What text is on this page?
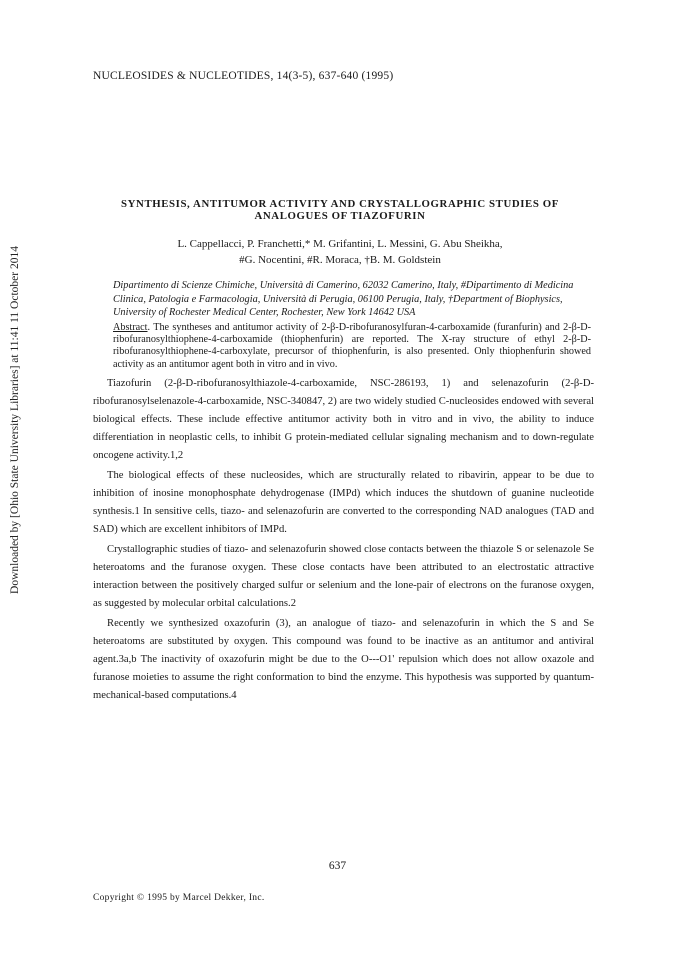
Downloaded by [Ohio State University Libraries] at 11:41 11 October 2014
NUCLEOSIDES & NUCLEOTIDES, 14(3-5), 637-640 (1995)
SYNTHESIS, ANTITUMOR ACTIVITY AND CRYSTALLOGRAPHIC STUDIES OF
ANALOGUES OF TIAZOFURIN
L. Cappellacci, P. Franchetti,* M. Grifantini, L. Messini, G. Abu Sheikha,
#G. Nocentini, #R. Moraca, †B. M. Goldstein
Dipartimento di Scienze Chimiche, Università di Camerino, 62032 Camerino, Italy, #Dipartimento di Medicina Clinica, Patologia e Farmacologia, Università di Perugia, 06100 Perugia, Italy, †Department of Biophysics, University of Rochester Medical Center, Rochester, New York 14642 USA
Abstract. The syntheses and antitumor activity of 2-β-D-ribofuranosylfuran-4-carboxamide (furanfurin) and 2-β-D-ribofuranosylthiophene-4-carboxamide (thiophenfurin) are reported. The X-ray structure of ethyl 2-β-D-ribofuranosylthiophene-4-carboxylate, precursor of thiophenfurin, is also presented. Only thiophenfurin showed activity as an antitumor agent both in vitro and in vivo.

Tiazofurin (2-β-D-ribofuranosylthiazole-4-carboxamide, NSC-286193, 1) and selenazofurin (2-β-D-ribofuranosylselenazole-4-carboxamide, NSC-340847, 2) are two widely studied C-nucleosides endowed with several biological effects. These include effective antitumor activity both in vitro and in vivo, the ability to induce differentiation in neoplastic cells, to inhibit G protein-mediated cellular signaling mechanism and to down-regulate oncogene activity.1,2

The biological effects of these nucleosides, which are structurally related to ribavirin, appear to be due to inhibition of inosine monophosphate dehydrogenase (IMPd) which induces the shutdown of guanine nucleotide synthesis.1 In sensitive cells, tiazo- and selenazofurin are converted to the corresponding NAD analogues (TAD and SAD) which are excellent inhibitors of IMPd.

Crystallographic studies of tiazo- and selenazofurin showed close contacts between the thiazole S or selenazole Se heteroatoms and the furanose oxygen. These close contacts have been attributed to an electrostatic attractive interaction between the positively charged sulfur or selenium and the lone-pair of electrons on the furanose oxygen, as suggested by molecular orbital calculations.2

Recently we synthesized oxazofurin (3), an analogue of tiazo- and selenazofurin in which the S and Se heteroatoms are substituted by oxygen. This compound was found to be inactive as an antitumor and antiviral agent.3a,b The inactivity of oxazofurin might be due to the O---O1' repulsion which does not allow oxazole and furanose moieties to assume the right conformation to bind the enzyme. This hypothesis was supported by quantum-mechanical-based computations.4

637
Copyright © 1995 by Marcel Dekker, Inc.
